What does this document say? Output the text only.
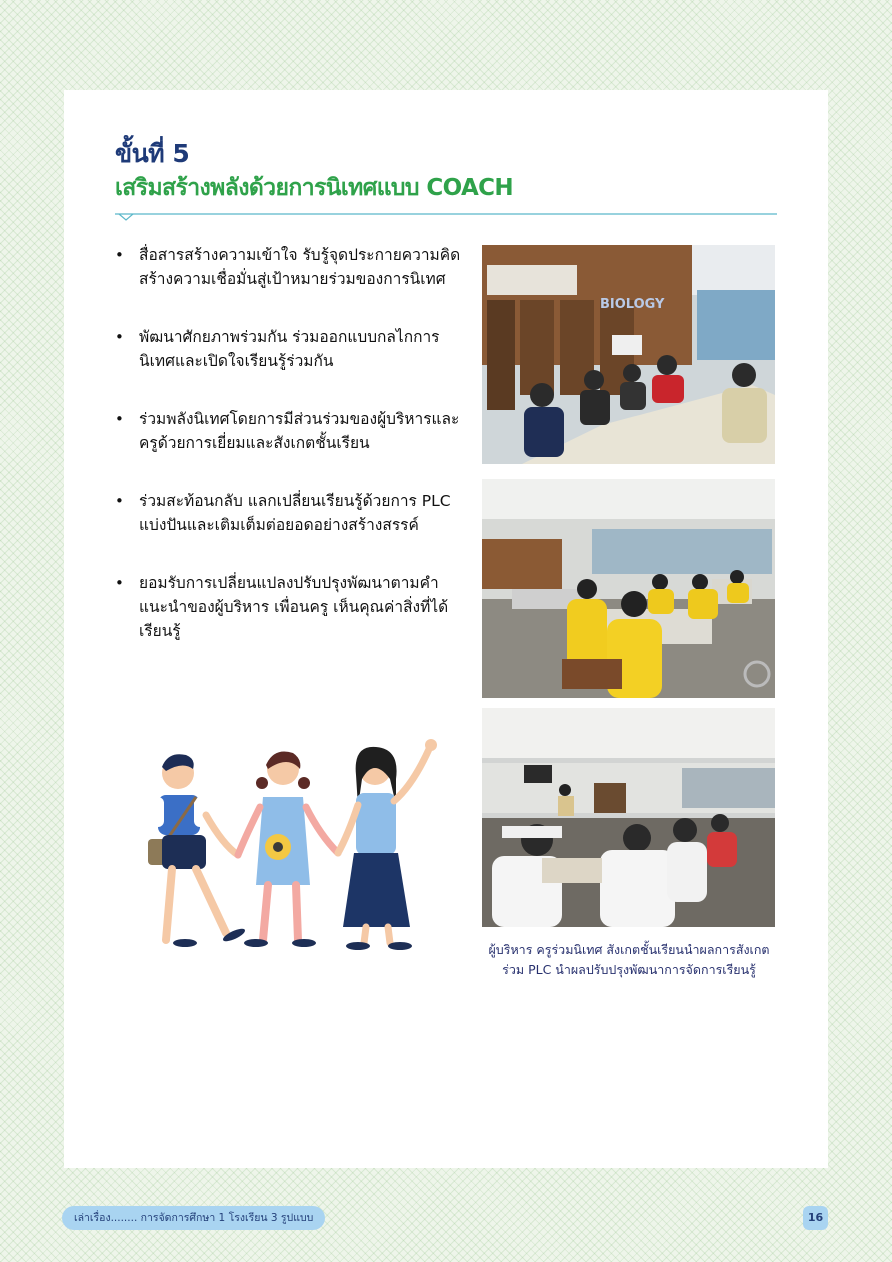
ขั้นที่ 5
เสริมสร้างพลังด้วยการนิเทศแบบ COACH
• สื่อสารสร้างความเข้าใจ รับรู้จุดประกายความคิด สร้างความเชื่อมั่นสู่เป้าหมายร่วมของการนิเทศ
• พัฒนาศักยภาพร่วมกัน ร่วมออกแบบกลไกการนิเทศและเปิดใจเรียนรู้ร่วมกัน
• ร่วมพลังนิเทศโดยการมีส่วนร่วมของผู้บริหารและครูด้วยการเยี่ยมและสังเกตชั้นเรียน
• ร่วมสะท้อนกลับ แลกเปลี่ยนเรียนรู้ด้วยการ PLC แบ่งปันและเติมเต็มต่อยอดอย่างสร้างสรรค์
• ยอมรับการเปลี่ยนแปลงปรับปรุงพัฒนาตามคำแนะนำของผู้บริหาร เพื่อนครู เห็นคุณค่าสิ่งที่ได้เรียนรู้
BIOLOGY

ผู้บริหาร ครูร่วมนิเทศ สังเกตชั้นเรียนนำผลการสังเกต
ร่วม PLC นำผลปรับปรุงพัฒนาการจัดการเรียนรู้

เล่าเรื่อง........ การจัดการศึกษา 1 โรงเรียน 3 รูปแบบ	16
